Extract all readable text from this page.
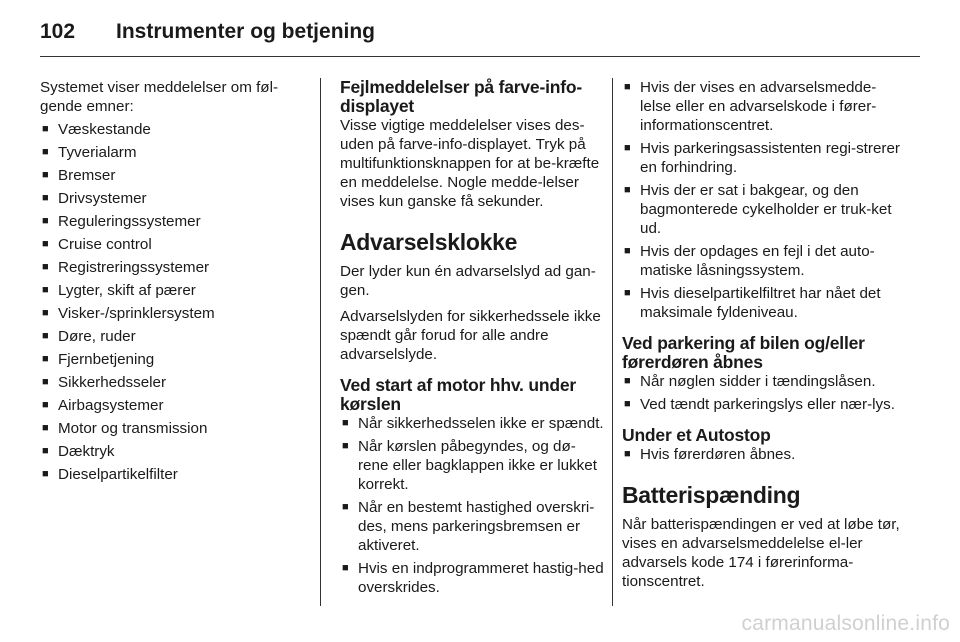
102 Instrumenter og betjening

Systemet viser meddelelser om føl-gende emner:

■ Væskestande
■ Tyverialarm
■ Bremser
■ Drivsystemer
■ Reguleringssystemer
■ Cruise control
■ Registreringssystemer
■ Lygter, skift af pærer
■ Visker-/sprinklersystem
■ Døre, ruder
■ Fjernbetjening
■ Sikkerhedsseler
■ Airbagsystemer
■ Motor og transmission
■ Dæktryk
■ Dieselpartikelfilter
Fejlmeddelelser på farve-info-displayet

Visse vigtige meddelelser vises des-uden på farve-info-displayet. Tryk på multifunktionsknappen for at be-kræfte en meddelelse. Nogle medde-lelser vises kun ganske få sekunder.

Advarselsklokke

Der lyder kun én advarselslyd ad gan-gen.

Advarselslyden for sikkerhedssele ikke spændt går forud for alle andre advarselslyde.

Ved start af motor hhv. under kørslen
■ Når sikkerhedsselen ikke er spændt.
■ Når kørslen påbegyndes, og dø-rene eller bagklappen ikke er lukket korrekt.
■ Når en bestemt hastighed overskri-des, mens parkeringsbremsen er aktiveret.
■ Hvis en indprogrammeret hastig-hed overskrides.
■ Hvis der vises en advarselsmedde-lelse eller en advarselskode i fører-informationscentret.
■ Hvis parkeringsassistenten regi-strerer en forhindring.
■ Hvis der er sat i bakgear, og den bagmonterede cykelholder er truk-ket ud.
■ Hvis der opdages en fejl i det auto-matiske låsningssystem.
■ Hvis dieselpartikelfiltret har nået det maksimale fyldeniveau.
Ved parkering af bilen og/eller førerdøren åbnes
■ Når nøglen sidder i tændingslåsen.
■ Ved tændt parkeringslys eller nær-lys.
Under et Autostop
■ Hvis førerdøren åbnes.
Batterispænding

Når batterispændingen er ved at løbe tør, vises en advarselsmeddelelse el-ler advarsels kode 174 i førerinforma-tionscentret.

carmanualsonline.info
